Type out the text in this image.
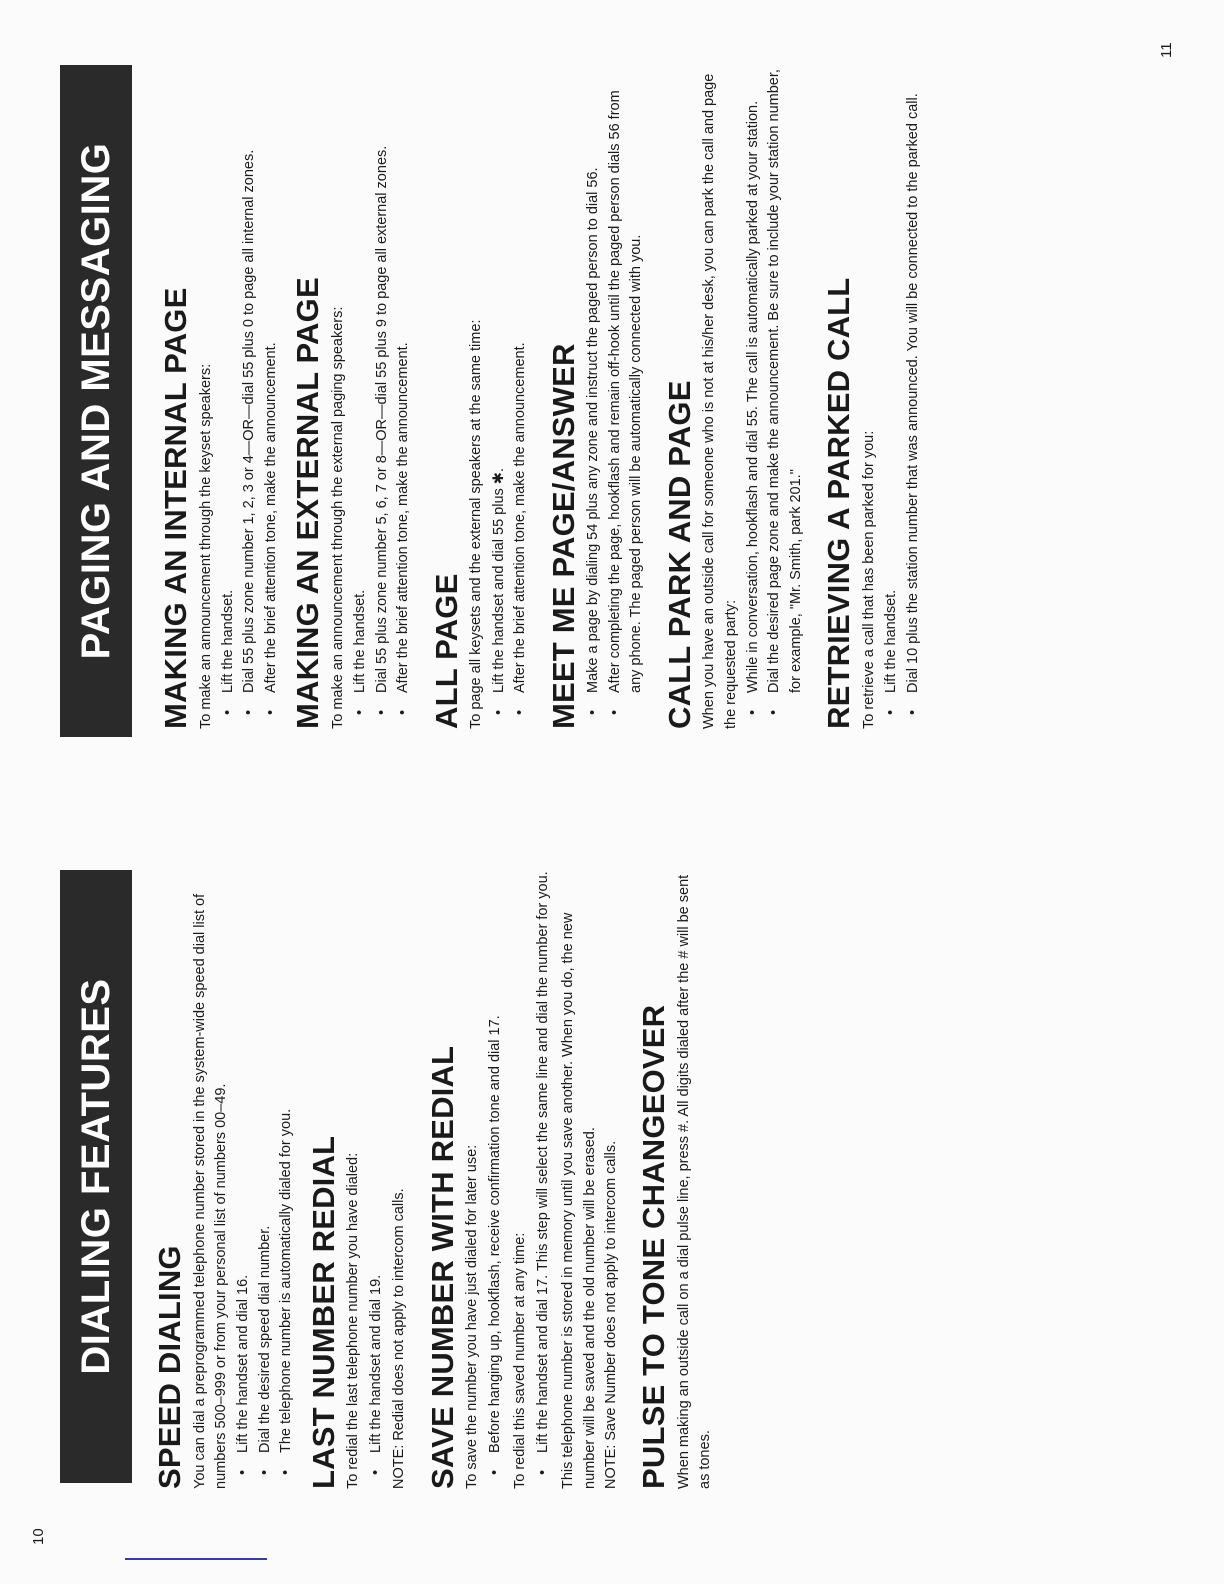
DIALING FEATURES	SPEED DIALING You can dial a preprogrammed telephone number stored in the system-wide speed dial list of numbers 500–999 or from your personal list of numbers 00–49. • Lift the handset and dial 16. • Dial the desired speed dial number. • The telephone number is automatically dialed for you. LAST NUMBER REDIAL To redial the last telephone number you have dialed: • Lift the handset and dial 19. NOTE: Redial does not apply to intercom calls. SAVE NUMBER WITH REDIAL To save the number you have just dialed for later use: • Before hanging up, hookflash, receive confirmation tone and dial 17. To redial this saved number at any time: • Lift the handset and dial 17. This step will select the same line and dial the number for you. This telephone number is stored in memory until you save another. When you do, the new number will be saved and the old number will be erased. NOTE: Save Number does not apply to intercom calls. PULSE TO TONE CHANGEOVER When making an outside call on a dial pulse line, press #. All digits dialed after the # will be sent as tones.

PAGING AND MESSAGING	MAKING AN INTERNAL PAGE To make an announcement through the keyset speakers: • Lift the handset. • Dial 55 plus zone number 1, 2, 3 or 4—OR—dial 55 plus 0 to page all internal zones. • After the brief attention tone, make the announcement. MAKING AN EXTERNAL PAGE To make an announcement through the external paging speakers: • Lift the handset. • Dial 55 plus zone number 5, 6, 7 or 8—OR—dial 55 plus 9 to page all external zones. • After the brief attention tone, make the announcement. ALL PAGE To page all keysets and the external speakers at the same time: • Lift the handset and dial 55 plus ✱. • After the brief attention tone, make the announcement. MEET ME PAGE/ANSWER • Make a page by dialing 54 plus any zone and instruct the paged person to dial 56. • After completing the page, hookflash and remain off-hook until the paged person dials 56 from any phone. The paged person will be automatically connected with you. CALL PARK AND PAGE When you have an outside call for someone who is not at his/her desk, you can park the call and page the requested party: • While in conversation, hookflash and dial 55. The call is automatically parked at your station. • Dial the desired page zone and make the announcement. Be sure to include your station number, for example, "Mr. Smith, park 201." RETRIEVING A PARKED CALL To retrieve a call that has been parked for you: • Lift the handset. • Dial 10 plus the station number that was announced. You will be connected to the parked call.
10
11
